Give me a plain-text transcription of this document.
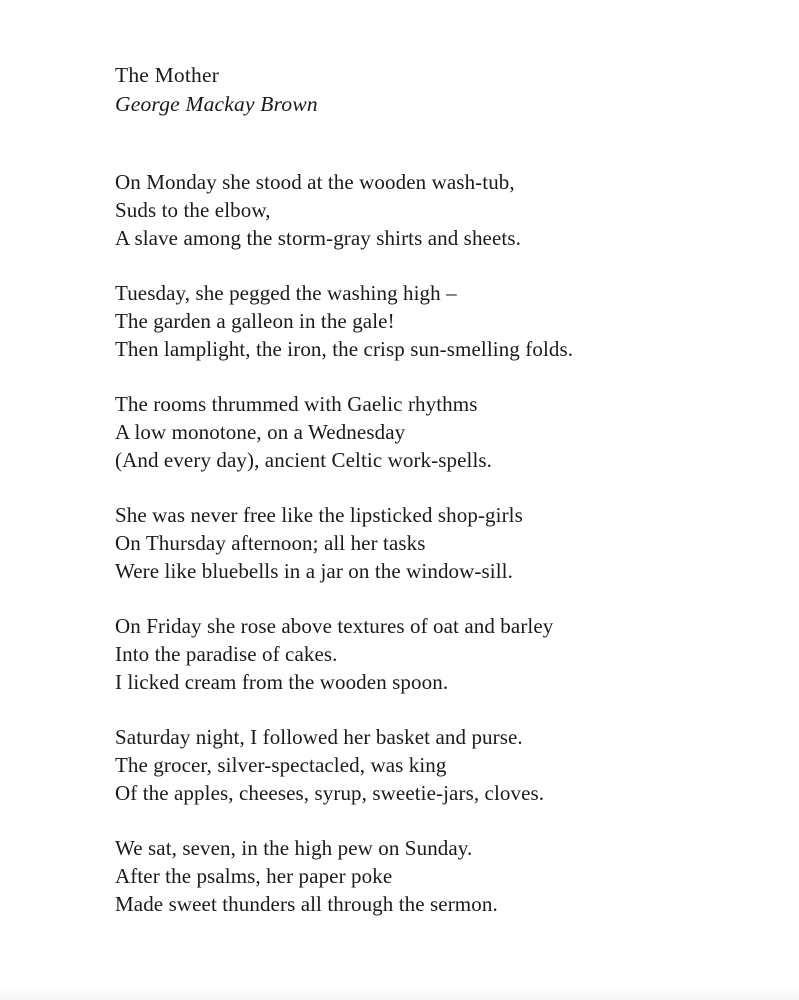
The Mother
George Mackay Brown

On Monday she stood at the wooden wash-tub,

Suds to the elbow,

A slave among the storm-gray shirts and sheets.

Tuesday, she pegged the washing high –

The garden a galleon in the gale!

Then lamplight, the iron, the crisp sun-smelling folds.

The rooms thrummed with Gaelic rhythms

A low monotone, on a Wednesday

(And every day), ancient Celtic work-spells.

She was never free like the lipsticked shop-girls

On Thursday afternoon; all her tasks

Were like bluebells in a jar on the window-sill.

On Friday she rose above textures of oat and barley

Into the paradise of cakes.

I licked cream from the wooden spoon.

Saturday night, I followed her basket and purse.

The grocer, silver-spectacled, was king

Of the apples, cheeses, syrup, sweetie-jars, cloves.

We sat, seven, in the high pew on Sunday.

After the psalms, her paper poke

Made sweet thunders all through the sermon.
